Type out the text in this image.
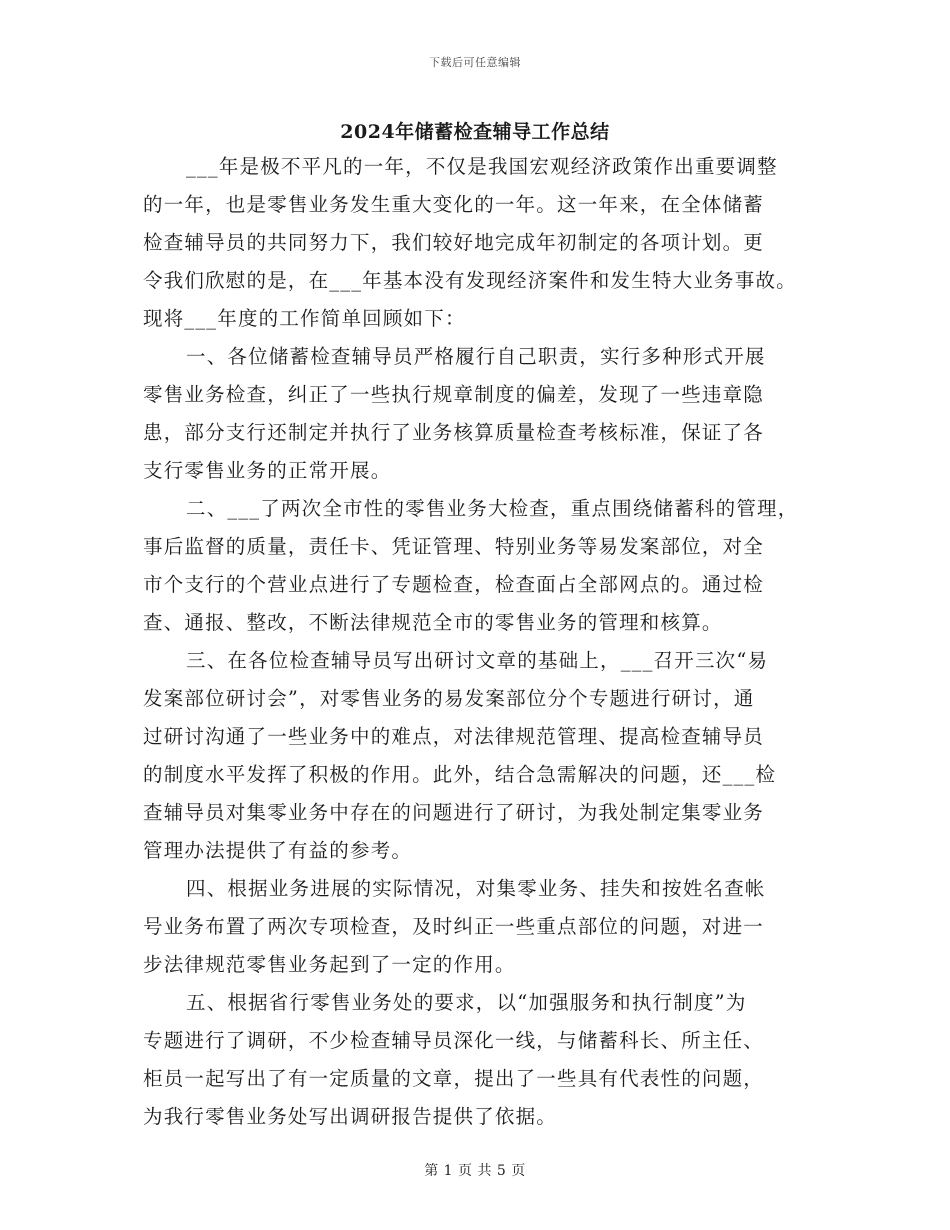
下载后可任意编辑
2024年储蓄检查辅导工作总结
___年是极不平凡的一年，不仅是我国宏观经济政策作出重要调整
的一年，也是零售业务发生重大变化的一年。这一年来，在全体储蓄
检查辅导员的共同努力下，我们较好地完成年初制定的各项计划。更
令我们欣慰的是，在___年基本没有发现经济案件和发生特大业务事故。
现将___年度的工作简单回顾如下：
一、各位储蓄检查辅导员严格履行自己职责，实行多种形式开展
零售业务检查，纠正了一些执行规章制度的偏差，发现了一些违章隐
患，部分支行还制定并执行了业务核算质量检查考核标准，保证了各
支行零售业务的正常开展。
二、___了两次全市性的零售业务大检查，重点围绕储蓄科的管理，
事后监督的质量，责任卡、凭证管理、特别业务等易发案部位，对全
市个支行的个营业点进行了专题检查，检查面占全部网点的。通过检
查、通报、整改，不断法律规范全市的零售业务的管理和核算。
三、在各位检查辅导员写出研讨文章的基础上，___召开三次“易
发案部位研讨会”，对零售业务的易发案部位分个专题进行研讨，通
过研讨沟通了一些业务中的难点，对法律规范管理、提高检查辅导员
的制度水平发挥了积极的作用。此外，结合急需解决的问题，还___检
查辅导员对集零业务中存在的问题进行了研讨，为我处制定集零业务
管理办法提供了有益的参考。
四、根据业务进展的实际情况，对集零业务、挂失和按姓名查帐
号业务布置了两次专项检查，及时纠正一些重点部位的问题，对进一
步法律规范零售业务起到了一定的作用。
五、根据省行零售业务处的要求，以“加强服务和执行制度”为
专题进行了调研，不少检查辅导员深化一线，与储蓄科长、所主任、
柜员一起写出了有一定质量的文章，提出了一些具有代表性的问题，
为我行零售业务处写出调研报告提供了依据。
第 1 页 共 5 页
